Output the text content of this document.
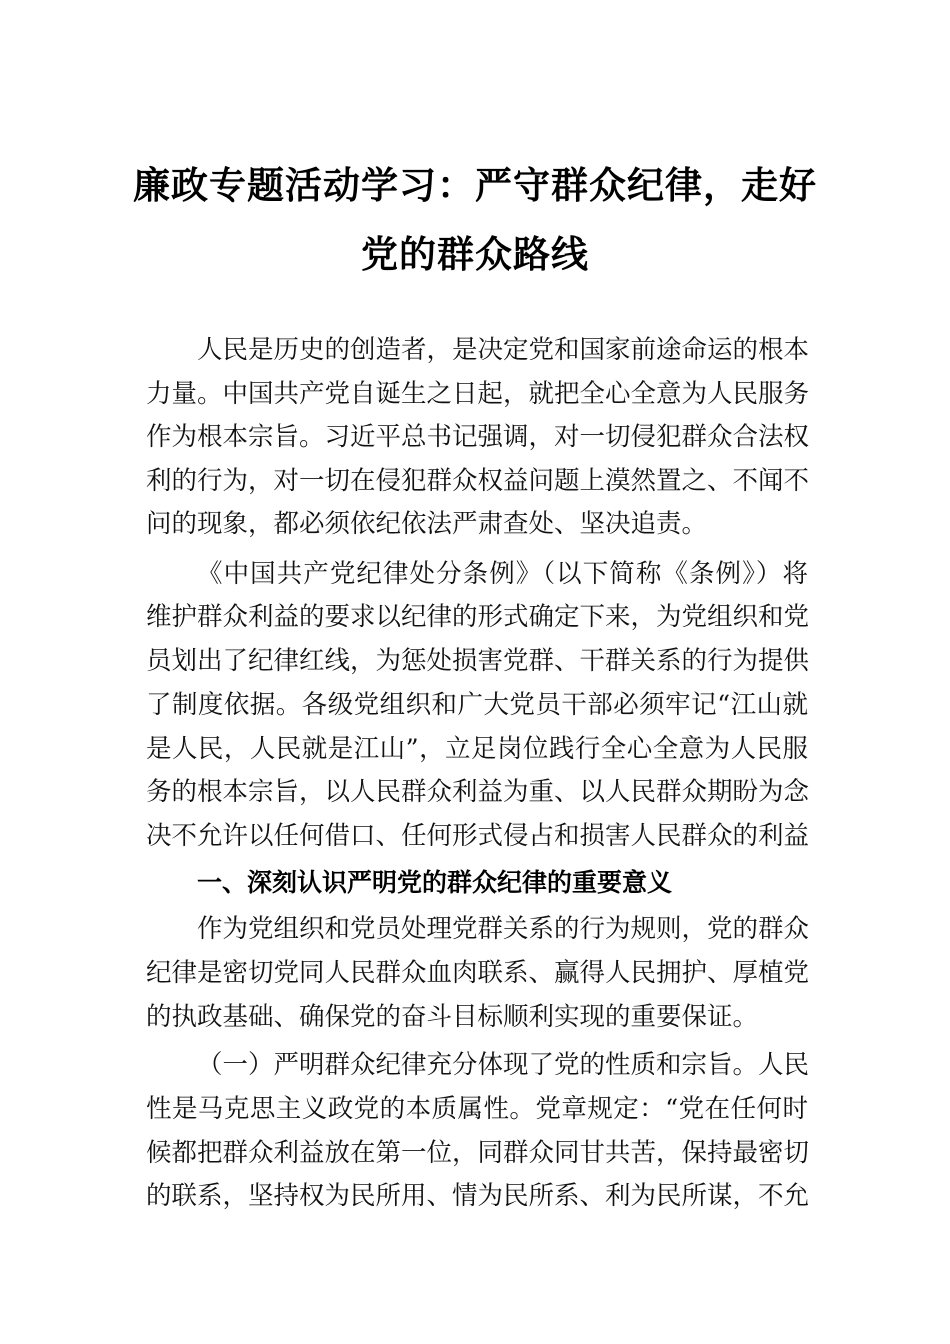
廉政专题活动学习：严守群众纪律，走好
党的群众路线
人民是历史的创造者，是决定党和国家前途命运的根本
力量。中国共产党自诞生之日起，就把全心全意为人民服务
作为根本宗旨。习近平总书记强调，对一切侵犯群众合法权
利的行为，对一切在侵犯群众权益问题上漠然置之、不闻不
问的现象，都必须依纪依法严肃查处、坚决追责。
《中国共产党纪律处分条例》（以下简称《条例》）将
维护群众利益的要求以纪律的形式确定下来，为党组织和党
员划出了纪律红线，为惩处损害党群、干群关系的行为提供
了制度依据。各级党组织和广大党员干部必须牢记“江山就
是人民，人民就是江山”，立足岗位践行全心全意为人民服
务的根本宗旨，以人民群众利益为重、以人民群众期盼为念
决不允许以任何借口、任何形式侵占和损害人民群众的利益
一、深刻认识严明党的群众纪律的重要意义
作为党组织和党员处理党群关系的行为规则，党的群众
纪律是密切党同人民群众血肉联系、赢得人民拥护、厚植党
的执政基础、确保党的奋斗目标顺利实现的重要保证。
（一）严明群众纪律充分体现了党的性质和宗旨。人民
性是马克思主义政党的本质属性。党章规定：“党在任何时
候都把群众利益放在第一位，同群众同甘共苦，保持最密切
的联系，坚持权为民所用、情为民所系、利为民所谋，不允
